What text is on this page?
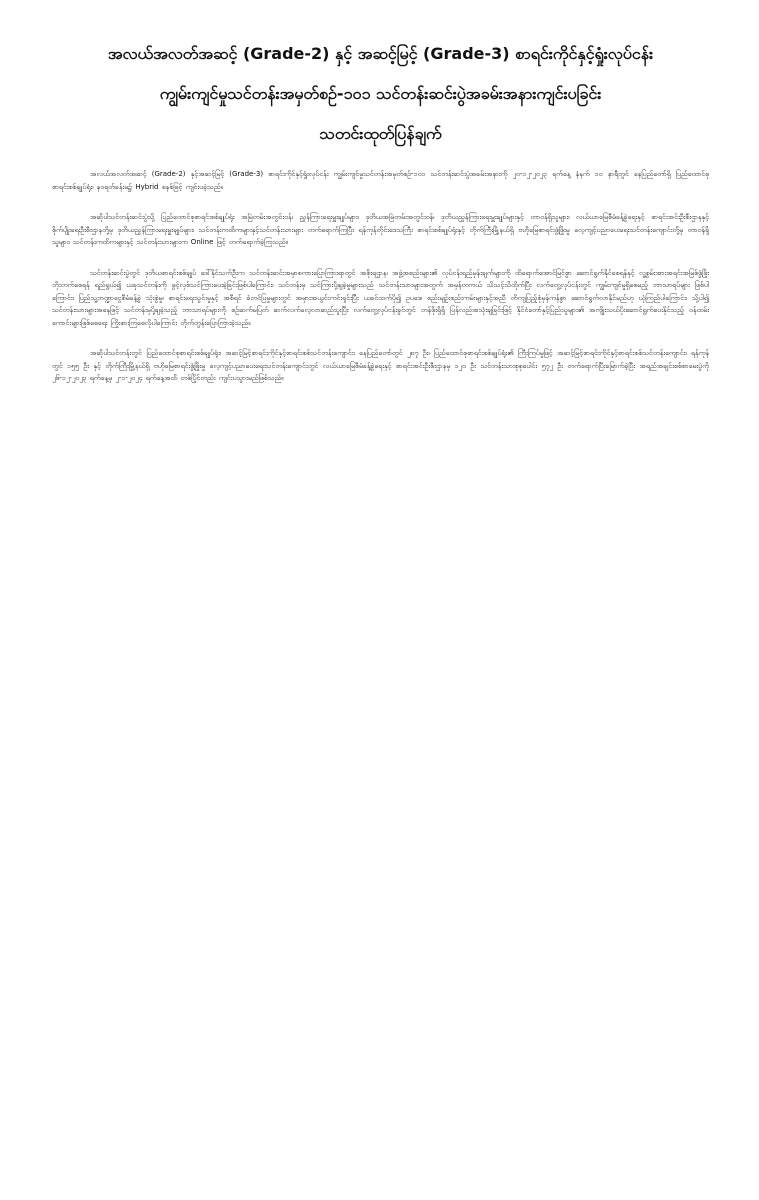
အလယ်အလတ်အဆင့် (Grade-2) နှင့် အဆင့်မြင့် (Grade-3) စာရင်းကိုင်နှင့်ရှုံးလုပ်ငန်း

ကျွမ်းကျင်မှုသင်တန်းအမှတ်စဉ်-၁၀၁ သင်တန်းဆင်းပွဲအခမ်းအနားကျင်းပခြင်း

သတင်းထုတ်ပြန်ချက်

အလယ်အလတ်အဆင့် (Grade-2) နှင့်အဆင့်မြင့် (Grade-3) စာရင်းကိုင်နှင့်ရှုံးလုပ်ငန်း ကျွမ်းကျင်မှုသင်တန်းအမှတ်စဉ်-၁၀၁ သင်တန်းဆင်းပွဲအခမ်းအနားကို ၂၀-၁၂-၂၀၂၃ ရက်နေ့ နံနက် ၁၀ နာရီတွင် နေပြည်တော်ရှိ ပြည်ထောင်စုစာရင်းစစ်ချုပ်ရုံး၊ န၀ရတ်ခန်းမ၌ Hybrid စနစ်ဖြင့် ကျင်းပခဲ့သည်။

အဆိုပါသင်တန်းဆင်းပွဲသို့ ပြည်ထောင်စုစာရင်းစစ်ချုပ်ရုံး အမြဲတမ်းအတွင်းဝန်၊ ညွှန်ကြားရေးမှူးချုပ်များ၊ ဒုတိယအမြဲတမ်းအတွင်းဝန်၊ ဒုတိယညွှန်ကြားရေးမှူးချုပ်များနှင့် တာဝန်ရှိသူများ၊ လယ်ယာမြေစီမံခန့်ခွဲရေးနှင့် စာရင်းအင်းဦးစီးဌာနနှင့် စိုက်ပျိုးရေးဦးစီးဌာနတို့မှ ဒုတိယညွှန်ကြားရေးမှူးချုပ်များ၊ သင်တန်းကထိကများနှင့်သင်တန်းသားများ တက်ရောက်ကြပြီး ရန်ကုန်တိုင်းဒေသကြီး စာရင်းစစ်ချုပ်ရုံးနှင့် တိုက်ကြီးမြို့နယ်ရှိ ဗဟိုမြေစာရင်းဖွံ့ဖြိုးမှု လေ့ကျင့်ပညာပေးရေးသင်တန်းကျောင်းတို့မှ တာဝန်ရှိသူများ၊ သင်တန်းကထိကများနှင့် သင်တန်းသားများက Online ဖြင့် တက်ရောက်ခဲ့ကြသည်။

သင်တန်းဆင်းပွဲတွင် ဒုတိယစာရင်းစစ်ချုပ် ဒေါ်နိုင်သက်ဦးက သင်တန်းဆင်းအမှာစကားပြောကြားရာတွင် အစိုးရဌာန၊ အဖွဲ့အစည်းများ၏ လုပ်ငန်းရည်မှန်းချက်များကို ထိရောက်အောင်မြင်စွာ ဆောင်ရွက်နိုင်စေရန်နှင့် လူ့စွမ်းအားအရင်းအမြစ်ဖွံ့ဖြိုးတိုးတက်စေရန် ရည်ရွယ်၍ ယခုသင်တန်းကို ဖွင့်လှစ်သင်ကြားပေးခဲ့ခြင်းဖြစ်ပါကြောင်း၊ သင်တန်းမှ သင်ကြားပို့ချခဲ့မှုများသည် သင်တန်းသားများအတွက် အမှန်တကယ် သိသင့်သိထိုက်ပြီး လက်တွေ့လုပ်ငန်းတွင် ကျွမ်းကျင်မှုရှိစေမည့် ဘာသာရပ်များ ဖြစ်ပါကြောင်း၊ ပြည်သူ့ဘဏ္ဍာငွေစီမံခန့်ခွဲ သုံးစွဲမှု၊ စာရင်းရေးသွင်းမှုနှင့် အစီရင် ခံတင်ပြမှုများတွင် အမှားအယွင်းကင်းရှင်းပြီး ယခင်ထက်ပို၍ ဥပဒေ၊ စည်းမျဉ်းစည်းကမ်းများနှင့်အညီ တိကျပြည့်စုံမှန်ကန်စွာ ဆောင်ရွက်လာနိုင်မည်ဟု ယုံကြည်ပါကြောင်း၊ သို့ပါ၍ သင်တန်းသားများအနေဖြင့် သင်တန်းမှပို့ချခဲ့သည့် ဘာသာရပ်များကို စဉ်ဆက်မပြတ် ဆက်လက်လေ့လာဆည်းပူးပြီး လက်တွေ့လုပ်ငန်းခွင်တွင် တန်ဖိုးရှိရှိ ပြန်လည်အသုံးချခြင်းဖြင့် နိုင်ငံတော်နှင့်ပြည်သူများ၏ အကျိုးသယ်ပိုးဆောင်ရွက်ပေးနိုင်သည့် ဝန်ထမ်းကောင်းများဖြစ်စေရေး ကြိုးစားကြစေလိုပါကြောင်း တိုက်တွန်းပြောကြားခဲ့သည်။

အဆိုပါသင်တန်းတွင် ပြည်ထောင်စုစာရင်းစစ်ချုပ်ရုံး၊ အဆင့်မြင့်စာရင်းကိုင်နှင့်စာရင်းစစ်သင်တန်းကျောင်း၊ နေပြည်တော်တွင် ၂၈၇ ဦး၊ ပြည်ထောင်စုစာရင်းစစ်ချုပ်ရုံး၏ ကြီးကြပ်မှုဖြင့် အဆင့်မြင့်စာရင်းကိုင်နှင့်စာရင်းစစ်သင်တန်းကျောင်း၊ ရန်ကုန်တွင် ၁၅၅ ဦး နှင့် တိုက်ကြီးမြို့နယ်ရှိ ဗဟိုမြေစာရင်းဖွံ့ဖြိုးမှု လေ့ကျင့်ပညာပေးရေးသင်တန်းကျောင်းတွင် လယ်ယာမြေစီမံခန့်ခွဲရေးနှင့် စာရင်းအင်းဦးစီးဌာနမှ ၁၂၀ ဦး သင်တန်းသားစုစုပေါင်း ၅၇၂ ဦး တက်ရောက်ပြီးမြောက်ခဲ့ပြီး အရည်အချင်းစစ်စာမေးပွဲကို ၂၆-၁၂-၂၀၂၃ ရက်နေ့မှ ၂-၁-၂၀၂၄ ရက်နေ့အထိ တစ်ပြိုင်တည်း ကျင်းပသွားမည်ဖြစ်သည်။
